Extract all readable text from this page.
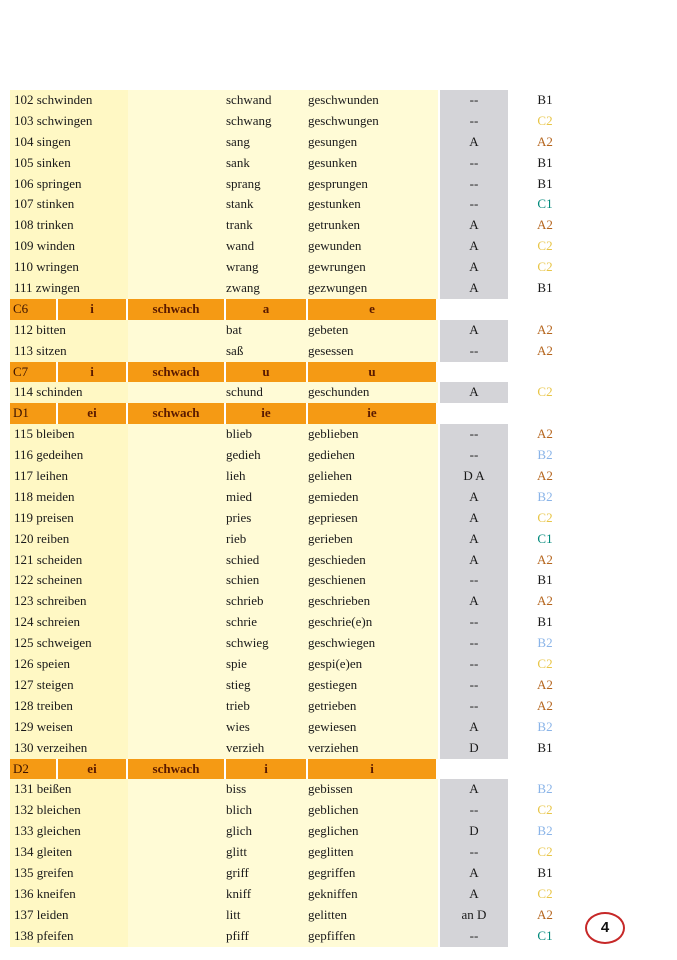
102 schwinden	schwand	geschwunden	--	B1
103 schwingen	schwang	geschwungen	--	C2
104 singen	sang	gesungen	A	A2
105 sinken	sank	gesunken	--	B1
106 springen	sprang	gesprungen	--	B1
107 stinken	stank	gestunken	--	C1
108 trinken	trank	getrunken	A	A2
109 winden	wand	gewunden	A	C2
110 wringen	wrang	gewrungen	A	C2
111 zwingen	zwang	gezwungen	A	B1
C6	i	schwach	a	e
112 bitten	bat	gebeten	A	A2
113 sitzen	saß	gesessen	--	A2
C7	i	schwach	u	u
114 schinden	schund	geschunden	A	C2
D1	ei	schwach	ie	ie
115 bleiben	blieb	geblieben	--	A2
116 gedeihen	gedieh	gediehen	--	B2
117 leihen	lieh	geliehen	D A	A2
118 meiden	mied	gemieden	A	B2
119 preisen	pries	gepriesen	A	C2
120 reiben	rieb	gerieben	A	C1
121 scheiden	schied	geschieden	A	A2
122 scheinen	schien	geschienen	--	B1
123 schreiben	schrieb	geschrieben	A	A2
124 schreien	schrie	geschrie(e)n	--	B1
125 schweigen	schwieg	geschwiegen	--	B2
126 speien	spie	gespi(e)en	--	C2
127 steigen	stieg	gestiegen	--	A2
128 treiben	trieb	getrieben	--	A2
129 weisen	wies	gewiesen	A	B2
130 verzeihen	verzieh	verziehen	D	B1
D2	ei	schwach	i	i
131 beißen	biss	gebissen	A	B2
132 bleichen	blich	geblichen	--	C2
133 gleichen	glich	geglichen	D	B2
134 gleiten	glitt	geglitten	--	C2
135 greifen	griff	gegriffen	A	B1
136 kneifen	kniff	gekniffen	A	C2
137 leiden	litt	gelitten	an D	A2
138 pfeifen	pfiff	gepfiffen	--	C1	4
